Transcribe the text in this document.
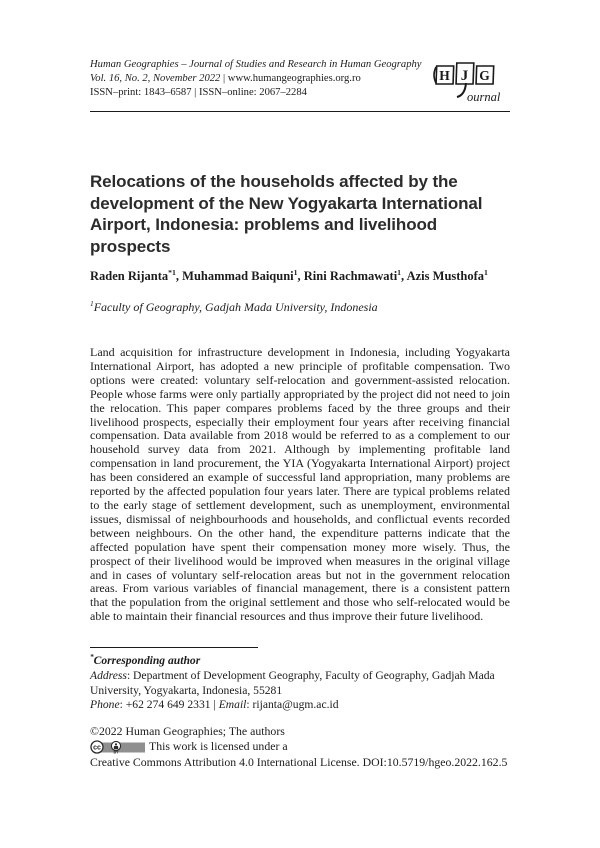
Human Geographies – Journal of Studies and Research in Human Geography
Vol. 16, No. 2, November 2022 | www.humangeographies.org.ro
ISSN–print: 1843–6587 | ISSN–online: 2067–2284
H J G
ournal
Relocations of the households affected by the development of the New Yogyakarta International Airport, Indonesia: problems and livelihood prospects
Raden Rijanta$^{*1}$, Muhammad Baiquni$^1$, Rini Rachmawati$^1$, Azis Musthofa$^1$
$^1$Faculty of Geography, Gadjah Mada University, Indonesia
Land acquisition for infrastructure development in Indonesia, including Yogyakarta International Airport, has adopted a new principle of profitable compensation. Two options were created: voluntary self-relocation and government-assisted relocation. People whose farms were only partially appropriated by the project did not need to join the relocation. This paper compares problems faced by the three groups and their livelihood prospects, especially their employment four years after receiving financial compensation. Data available from 2018 would be referred to as a complement to our household survey data from 2021. Although by implementing profitable land compensation in land procurement, the YIA (Yogyakarta International Airport) project has been considered an example of successful land appropriation, many problems are reported by the affected population four years later. There are typical problems related to the early stage of settlement development, such as unemployment, environmental issues, dismissal of neighbourhoods and households, and conflictual events recorded between neighbours. On the other hand, the expenditure patterns indicate that the affected population have spent their compensation money more wisely. Thus, the prospect of their livelihood would be improved when measures in the original village and in cases of voluntary self-relocation areas but not in the government relocation areas. From various variables of financial management, there is a consistent pattern that the population from the original settlement and those who self-relocated would be able to maintain their financial resources and thus improve their future livelihood.
*Corresponding author
Address: Department of Development Geography, Faculty of Geography, Gadjah Mada University, Yogyakarta, Indonesia, 55281
Phone: +62 274 649 2331 | Email: rijanta@ugm.ac.id
©2022 Human Geographies; The authors
cc
BY	This work is licensed under a
Creative Commons Attribution 4.0 International License. DOI:10.5719/hgeo.2022.162.5
